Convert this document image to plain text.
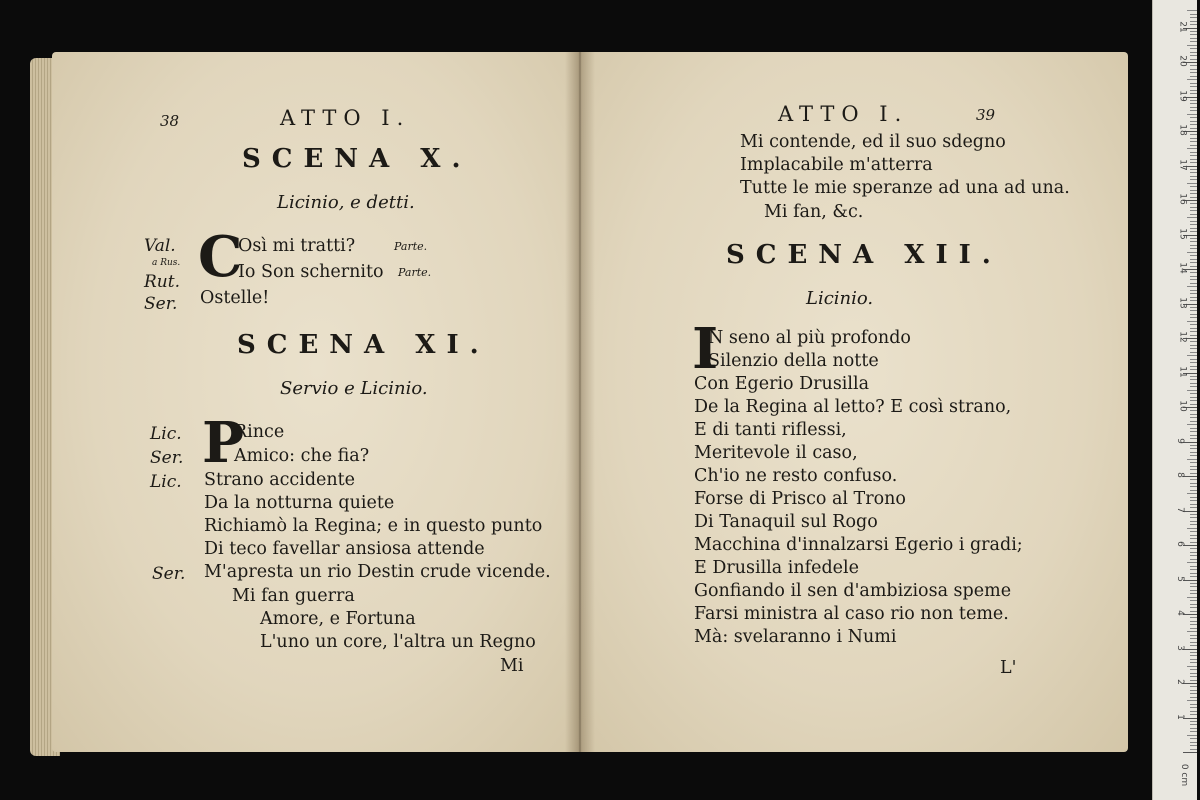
38	ATTO I.
SCENA X.
Licinio, e detti.
Val.
a Rus.
Rut.
Ser.
C
Osì mi tratti?
Io Son schernito
Ostelle!
Parte.
Parte.
SCENA XI.
Servio e Licinio.
Lic.
Ser.
Lic.
Ser.
P
Rince
Amico: che fia?
Strano accidente
Da la notturna quiete
Richiamò la Regina; e in questo punto
Di teco favellar ansiosa attende
M'apresta un rio Destin crude vicende.
Mi fan guerra
Amore, e Fortuna
L'uno un core, l'altra un Regno
Mi
ATTO I.	39
Mi contende, ed il suo sdegno
Implacabile m'atterra
Tutte le mie speranze ad una ad una.
Mi fan, &c.
SCENA XII.
Licinio.
I
N seno al più profondo
Silenzio della notte
Con Egerio Drusilla
De la Regina al letto? E così strano,
E di tanti riflessi,
Meritevole il caso,
Ch'io ne resto confuso.
Forse di Prisco al Trono
Di Tanaquil sul Rogo
Macchina d'innalzarsi Egerio i gradi;
E Drusilla infedele
Gonfiando il sen d'ambiziosa speme
Farsi ministra al caso rio non teme.
Mà: svelaranno i Numi
L'
0 cm
1
2
3
4
5
6
7
8
9
10
11
12
13
14
15
16
17
18
19
20
21
